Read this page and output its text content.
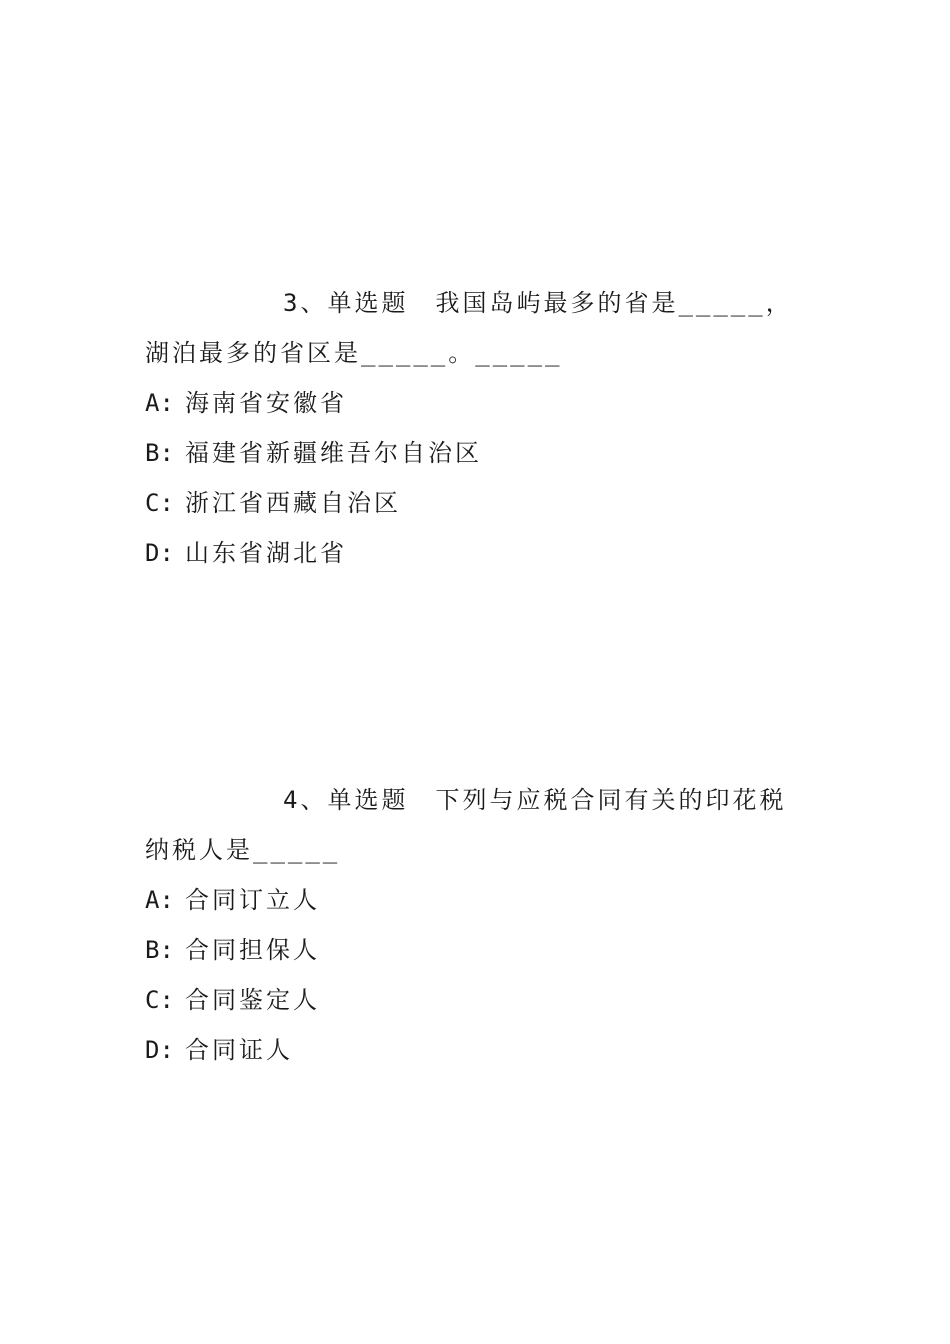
3、单选题　我国岛屿最多的省是_____，湖泊最多的省区是_____。_____

A: 海南省安徽省
B: 福建省新疆维吾尔自治区
C: 浙江省西藏自治区
D: 山东省湖北省

4、单选题　下列与应税合同有关的印花税纳税人是_____

A: 合同订立人
B: 合同担保人
C: 合同鉴定人
D: 合同证人
